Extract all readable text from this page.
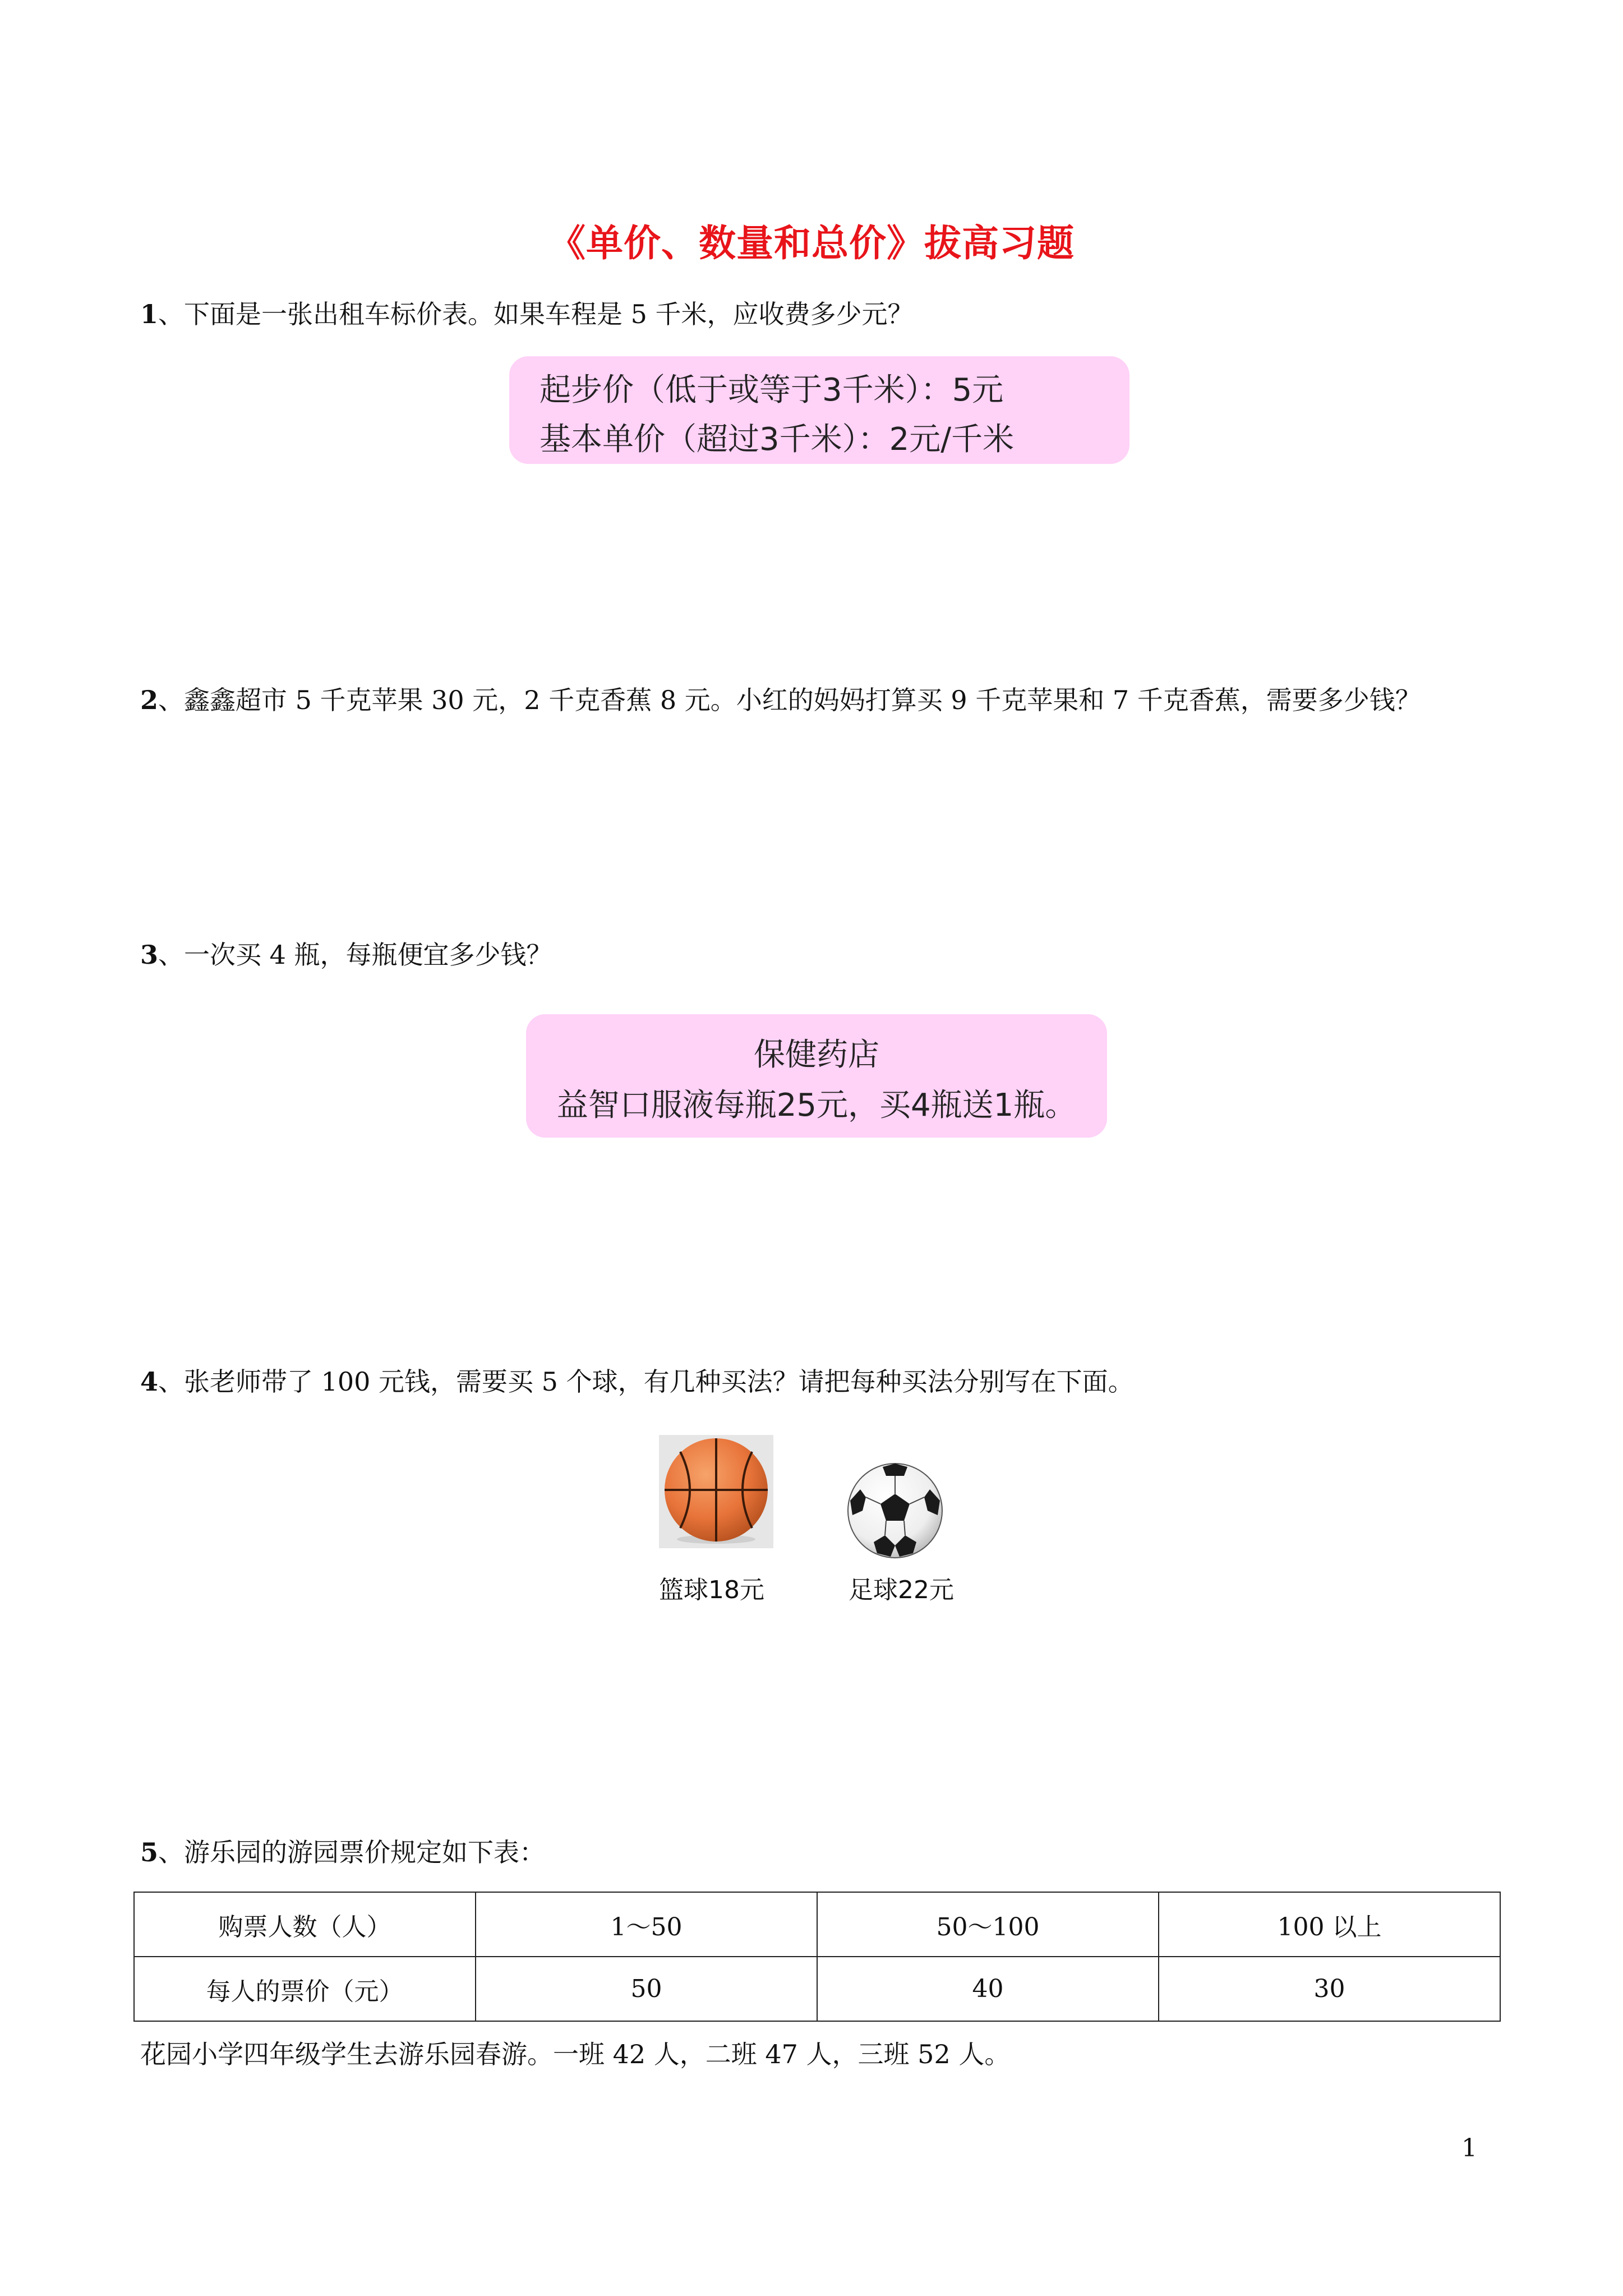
《单价、数量和总价》拔高习题
1、下面是一张出租车标价表。如果车程是 5 千米，应收费多少元？
起步价（低于或等于3千米）：5元
基本单价（超过3千米）：2元/千米
2、鑫鑫超市 5 千克苹果 30 元，2 千克香蕉 8 元。小红的妈妈打算买 9 千克苹果和 7 千克香蕉，需要多少钱？
3、一次买 4 瓶，每瓶便宜多少钱？
保健药店
益智口服液每瓶25元，买4瓶送1瓶。
4、张老师带了 100 元钱，需要买 5 个球，有几种买法？请把每种买法分别写在下面。
篮球18元	足球22元
5、游乐园的游园票价规定如下表：
购票人数（人）	1～50	50～100	100 以上
每人的票价（元）	50	40	30
花园小学四年级学生去游乐园春游。一班 42 人，二班 47 人，三班 52 人。
1
